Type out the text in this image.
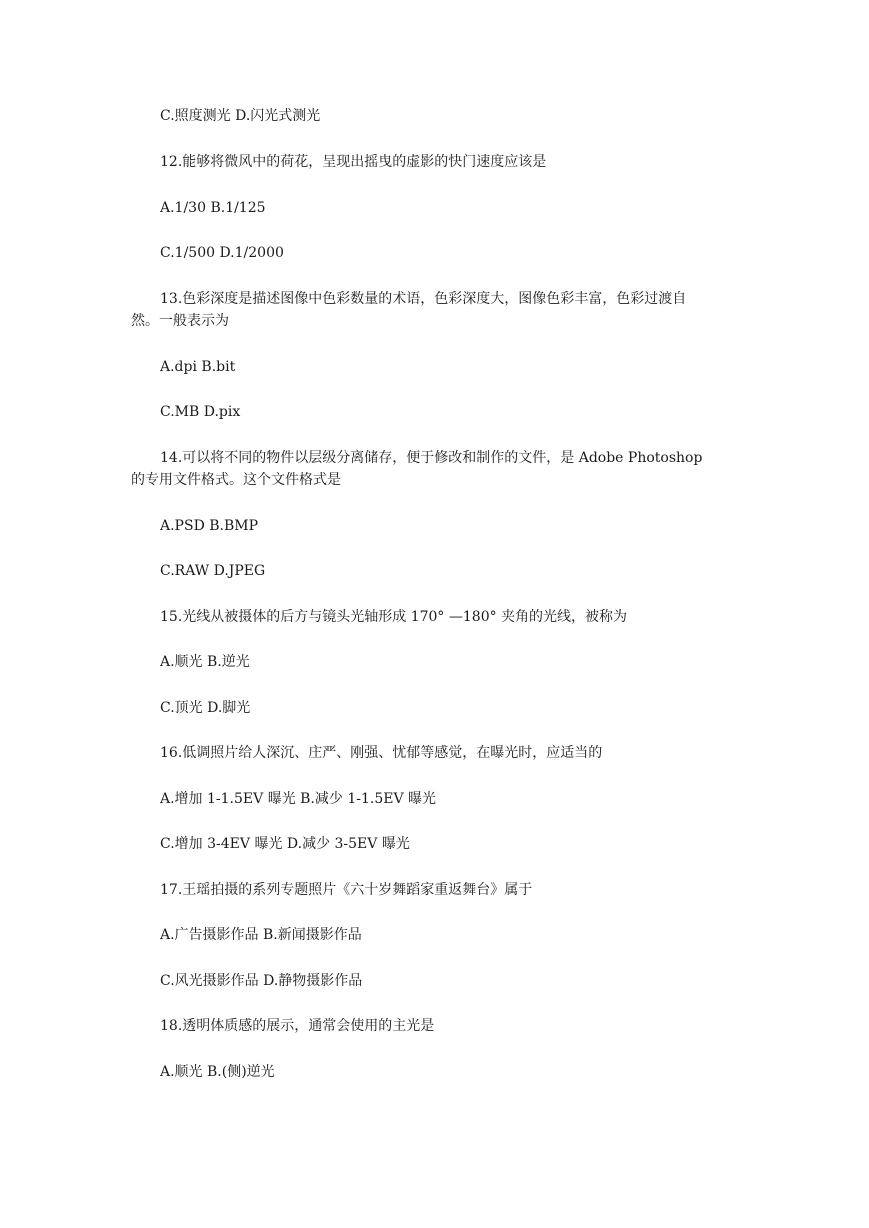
C.照度测光 D.闪光式测光
12.能够将微风中的荷花，呈现出摇曳的虚影的快门速度应该是
A.1/30 B.1/125
C.1/500 D.1/2000
13.色彩深度是描述图像中色彩数量的术语，色彩深度大，图像色彩丰富，色彩过渡自
然。一般表示为
A.dpi B.bit
C.MB D.pix
14.可以将不同的物件以层级分离储存，便于修改和制作的文件，是 Adobe Photoshop
的专用文件格式。这个文件格式是
A.PSD B.BMP
C.RAW D.JPEG
15.光线从被摄体的后方与镜头光轴形成 170° —180° 夹角的光线，被称为
A.顺光 B.逆光
C.顶光 D.脚光
16.低调照片给人深沉、庄严、刚强、忧郁等感觉，在曝光时，应适当的
A.增加 1-1.5EV 曝光 B.减少 1-1.5EV 曝光
C.增加 3-4EV 曝光 D.减少 3-5EV 曝光
17.王瑶拍摄的系列专题照片《六十岁舞蹈家重返舞台》属于
A.广告摄影作品 B.新闻摄影作品
C.风光摄影作品 D.静物摄影作品
18.透明体质感的展示，通常会使用的主光是
A.顺光 B.(侧)逆光
